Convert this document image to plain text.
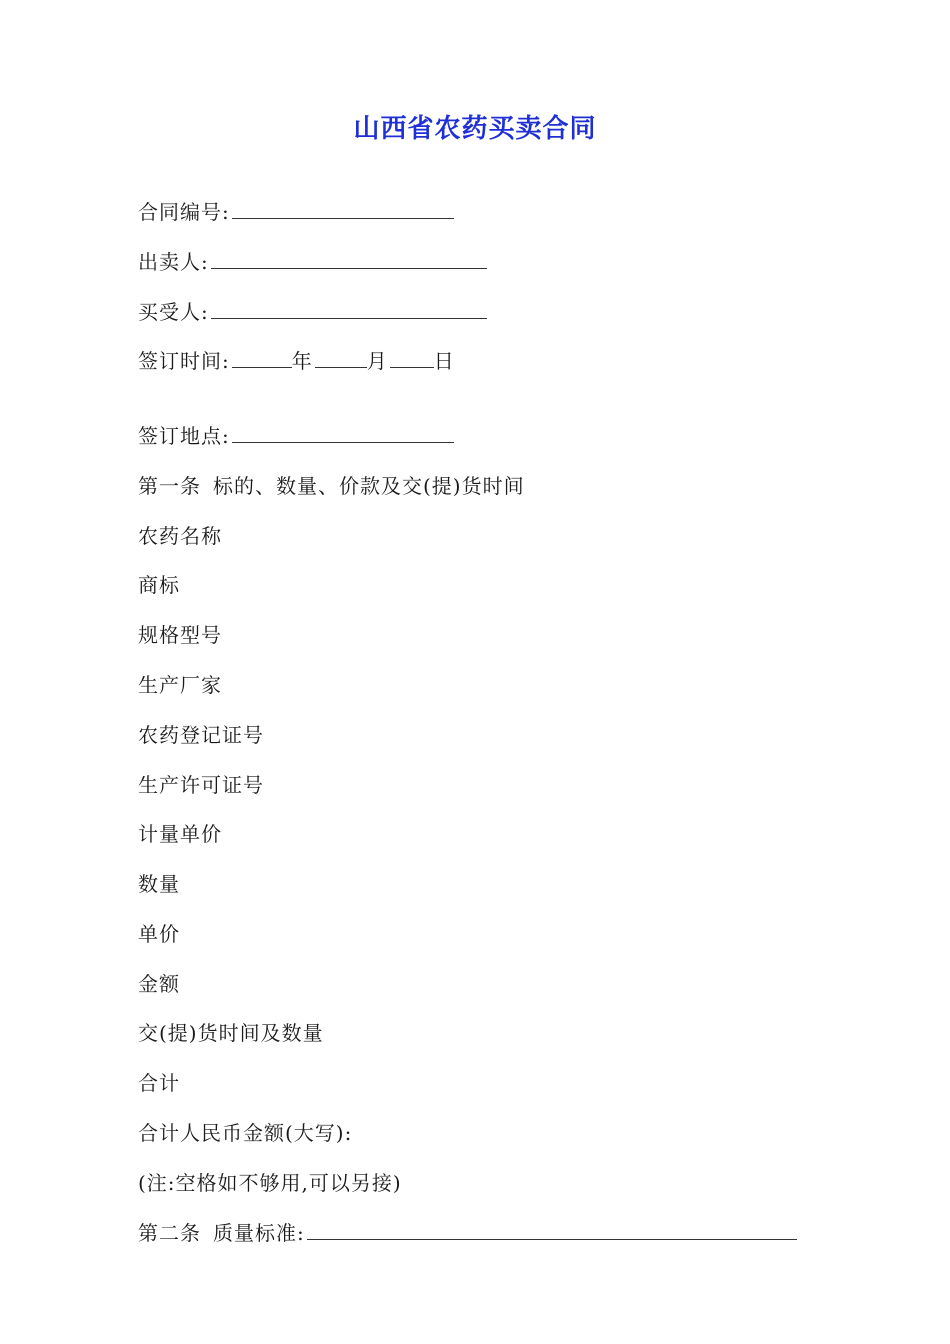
山西省农药买卖合同
合同编号:
出卖人:
买受人:
签订时间:	年	月 日
签订地点:
第一条 标的、数量、价款及交(提)货时间
农药名称
商标
规格型号
生产厂家
农药登记证号
生产许可证号
计量单价
数量
单价
金额
交(提)货时间及数量
合计
合计人民币金额(大写):
(注:空格如不够用,可以另接)
第二条 质量标准:
